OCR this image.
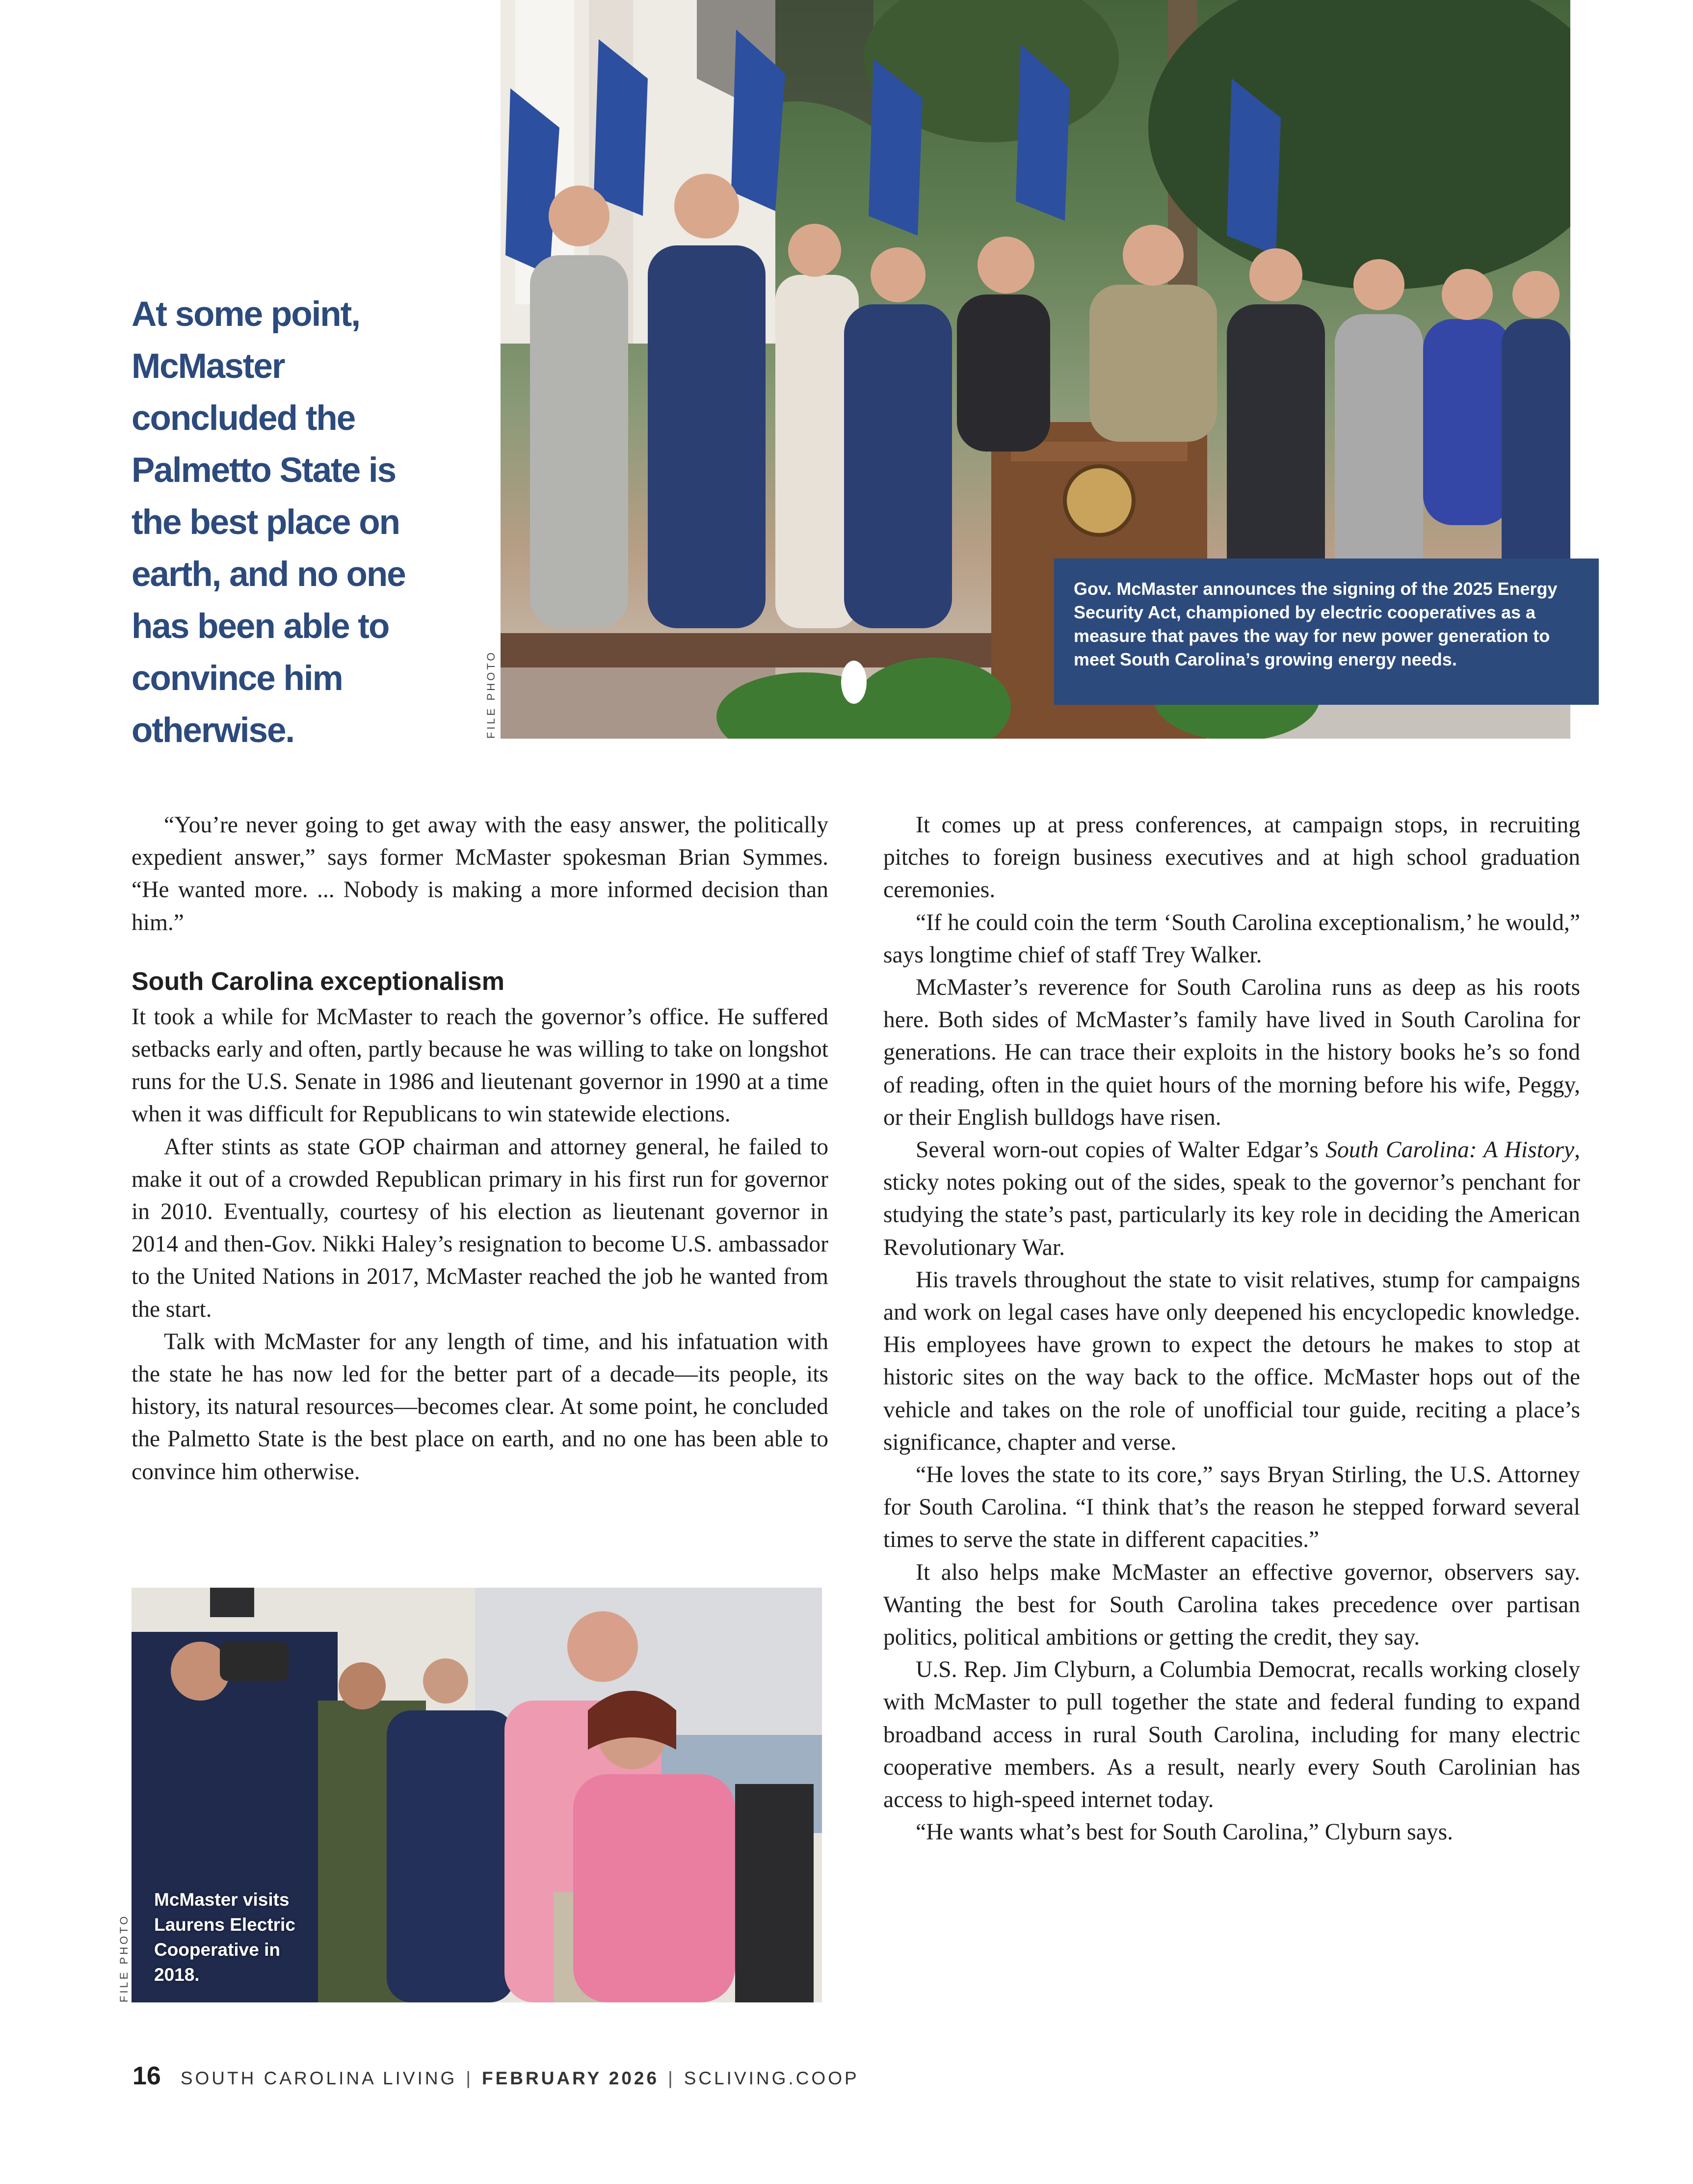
At some point, McMaster concluded the Palmetto State is the best place on earth, and no one has been able to convince him otherwise.	FILE PHOTO
Gov. McMaster announces the signing of the 2025 Energy Security Act, championed by electric cooperatives as a measure that paves the way for new power generation to meet South Carolina’s growing energy needs.

“You’re never going to get away with the easy answer, the politically expedient answer,” says former McMaster spokesman Brian Symmes. “He wanted more. ... Nobody is making a more informed decision than him.”

South Carolina exceptionalism

It took a while for McMaster to reach the governor’s office. He suffered setbacks early and often, partly because he was willing to take on longshot runs for the U.S. Senate in 1986 and lieutenant governor in 1990 at a time when it was difficult for Republicans to win statewide elections.

After stints as state GOP chairman and attorney general, he failed to make it out of a crowded Republican primary in his first run for governor in 2010. Eventually, courtesy of his election as lieutenant governor in 2014 and then-Gov. Nikki Haley’s resignation to become U.S. ambassador to the United Nations in 2017, McMaster reached the job he wanted from the start.

Talk with McMaster for any length of time, and his infatuation with the state he has now led for the better part of a decade—its people, its history, its natural resources—becomes clear. At some point, he concluded the Palmetto State is the best place on earth, and no one has been able to convince him otherwise.

FILE PHOTO
McMaster visits Laurens Electric Cooperative in 2018.

It comes up at press conferences, at campaign stops, in recruiting pitches to foreign business executives and at high school graduation ceremonies.

“If he could coin the term ‘South Carolina exceptionalism,’ he would,” says longtime chief of staff Trey Walker.

McMaster’s reverence for South Carolina runs as deep as his roots here. Both sides of McMaster’s family have lived in South Carolina for generations. He can trace their exploits in the history books he’s so fond of reading, often in the quiet hours of the morning before his wife, Peggy, or their English bulldogs have risen.

Several worn-out copies of Walter Edgar’s South Carolina: A History, sticky notes poking out of the sides, speak to the governor’s penchant for studying the state’s past, particularly its key role in deciding the American Revolutionary War.

His travels throughout the state to visit relatives, stump for campaigns and work on legal cases have only deepened his encyclopedic knowledge. His employees have grown to expect the detours he makes to stop at historic sites on the way back to the office. McMaster hops out of the vehicle and takes on the role of unofficial tour guide, reciting a place’s significance, chapter and verse.

“He loves the state to its core,” says Bryan Stirling, the U.S. Attorney for South Carolina. “I think that’s the reason he stepped forward several times to serve the state in different capacities.”

It also helps make McMaster an effective governor, observers say. Wanting the best for South Carolina takes precedence over partisan politics, political ambitions or getting the credit, they say.

U.S. Rep. Jim Clyburn, a Columbia Democrat, recalls working closely with McMaster to pull together the state and federal funding to expand broadband access in rural South Carolina, including for many electric cooperative members. As a result, nearly every South Carolinian has access to high-speed internet today.

“He wants what’s best for South Carolina,” Clyburn says.

16 SOUTH CAROLINA LIVING | FEBRUARY 2026 | SCLIVING.COOP
